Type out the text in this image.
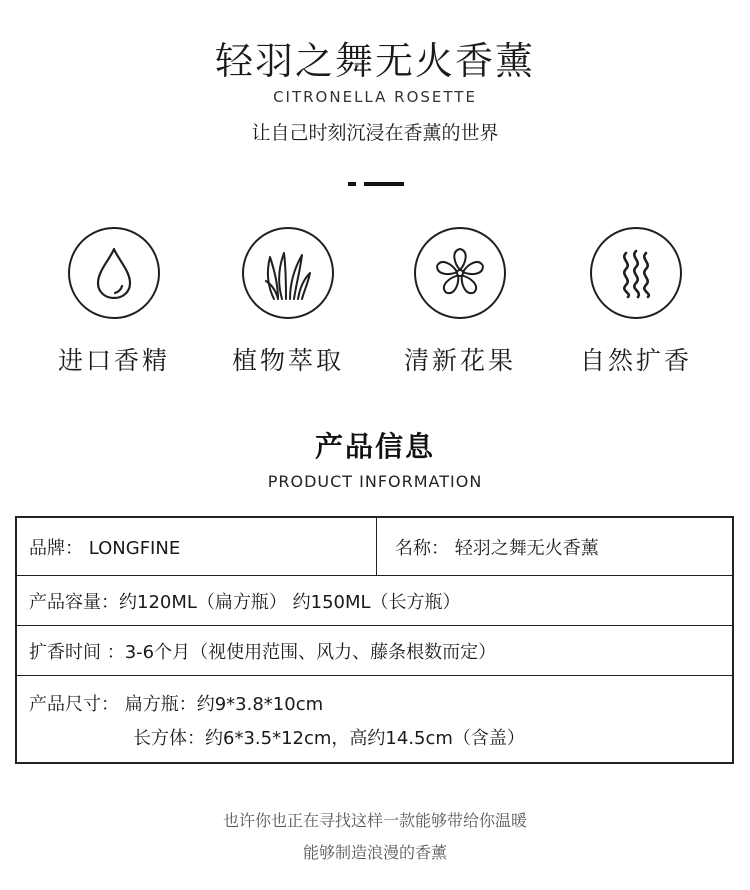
轻羽之舞无火香薰
CITRONELLA ROSETTE
让自己时刻沉浸在香薰的世界
进口香精	植物萃取	清新花果	自然扩香
产品信息
PRODUCT INFORMATION
品牌： LONGFINE	名称： 轻羽之舞无火香薰
产品容量：约120ML（扁方瓶） 约150ML（长方瓶）
扩香时间 ：3-6个月（视使用范围、风力、藤条根数而定）
产品尺寸： 扁方瓶：约9*3.8*10cm
长方体：约6*3.5*12cm，高约14.5cm（含盖）
也许你也正在寻找这样一款能够带给你温暖
能够制造浪漫的香薰
